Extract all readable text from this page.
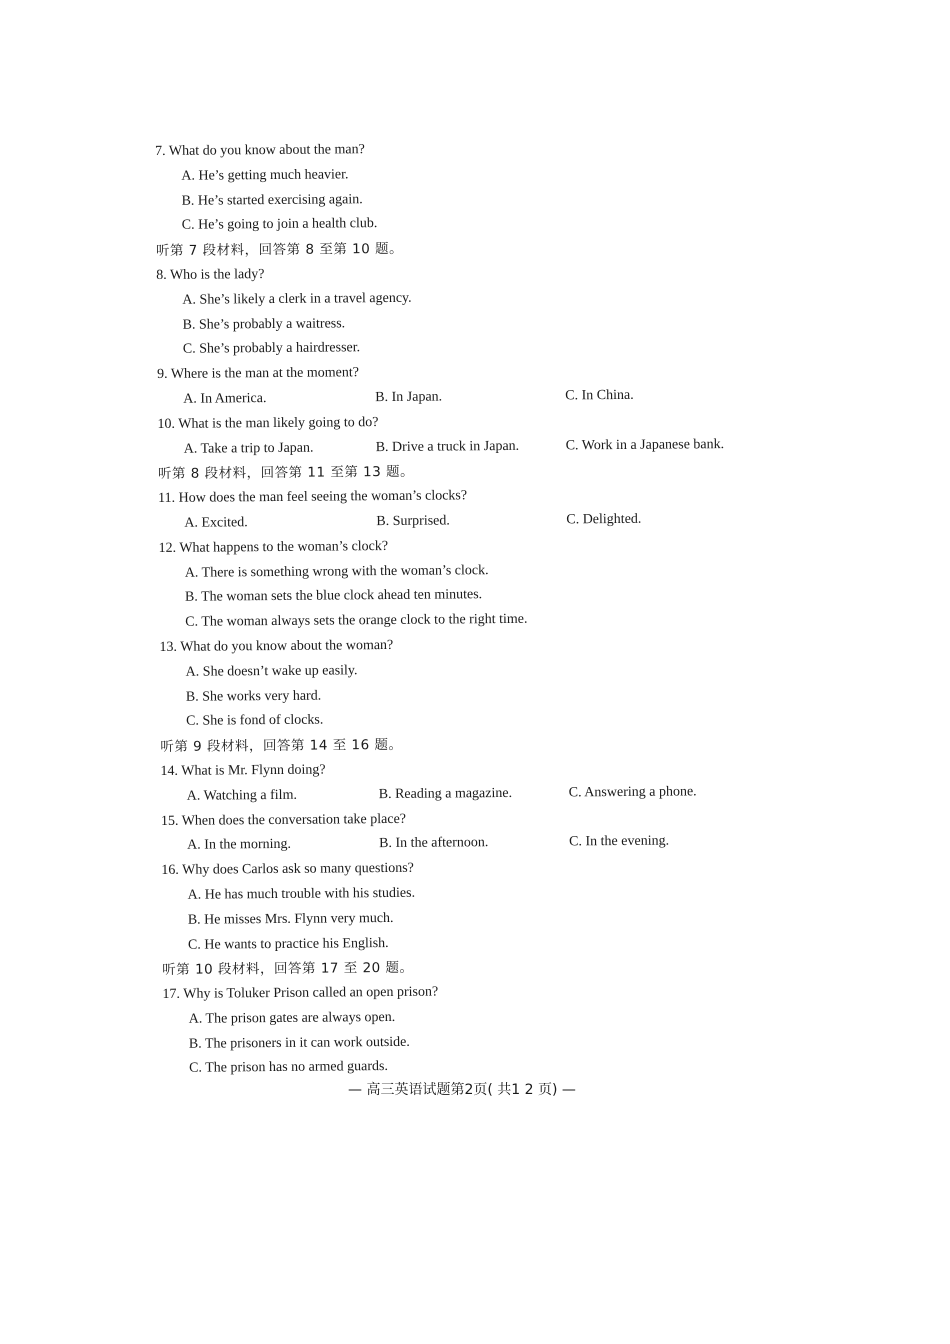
7. What do you know about the man?
A. He’s getting much heavier.
B. He’s started exercising again.
C. He’s going to join a health club.
听第 7 段材料，回答第 8 至第 10 题。
8. Who is the lady?
A. She’s likely a clerk in a travel agency.
B. She’s probably a waitress.
C. She’s probably a hairdresser.
9. Where is the man at the moment?
A. In America.	B. In Japan.	C. In China.
10. What is the man likely going to do?
A. Take a trip to Japan.	B. Drive a truck in Japan.	C. Work in a Japanese bank.
听第 8 段材料，回答第 11 至第 13 题。
11. How does the man feel seeing the woman’s clocks?
A. Excited.	B. Surprised.	C. Delighted.
12. What happens to the woman’s clock?
A. There is something wrong with the woman’s clock.
B. The woman sets the blue clock ahead ten minutes.
C. The woman always sets the orange clock to the right time.
13. What do you know about the woman?
A. She doesn’t wake up easily.
B. She works very hard.
C. She is fond of clocks.
听第 9 段材料，回答第 14 至 16 题。
14. What is Mr. Flynn doing?
A. Watching a film.	B. Reading a magazine.	C. Answering a phone.
15. When does the conversation take place?
A. In the morning.	B. In the afternoon.	C. In the evening.
16. Why does Carlos ask so many questions?
A. He has much trouble with his studies.
B. He misses Mrs. Flynn very much.
C. He wants to practice his English.
听第 10 段材料，回答第 17 至 20 题。
17. Why is Toluker Prison called an open prison?
A. The prison gates are always open.
B. The prisoners in it can work outside.
C. The prison has no armed guards.
— 高三英语试题第2页( 共1 2 页) —
